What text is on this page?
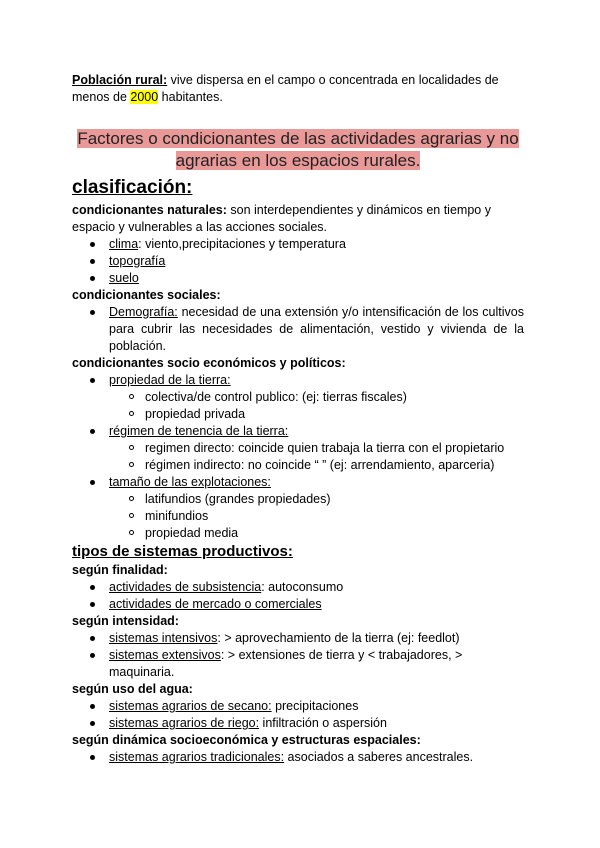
Población rural: vive dispersa en el campo o concentrada en localidades de menos de 2000 habitantes.

Factores o condicionantes de las actividades agrarias y no agrarias en los espacios rurales.

clasificación:

condicionantes naturales: son interdependientes y dinámicos en tiempo y espacio y vulnerables a las acciones sociales.

clima: viento,precipitaciones y temperatura
topografía
suelo

condicionantes sociales:

Demografía: necesidad de una extensión y/o intensificación de los cultivos para cubrir las necesidades de alimentación, vestido y vivienda de la población.

condicionantes socio económicos y políticos:

propiedad de la tierra:
colectiva/de control publico: (ej: tierras fiscales)
propiedad privada
régimen de tenencia de la tierra:
regimen directo: coincide quien trabaja la tierra con el propietario
régimen indirecto: no coincide “ ” (ej: arrendamiento, aparceria)
tamaño de las explotaciones:
latifundios (grandes propiedades)
minifundios
propiedad media
tipos de sistemas productivos:

según finalidad:

actividades de subsistencia: autoconsumo
actividades de mercado o comerciales

según intensidad:

sistemas intensivos: > aprovechamiento de la tierra (ej: feedlot)
sistemas extensivos: > extensiones de tierra y < trabajadores, > maquinaria.

según uso del agua:

sistemas agrarios de secano: precipitaciones
sistemas agrarios de riego: infiltración o aspersión

según dinámica socioeconómica y estructuras espaciales:

sistemas agrarios tradicionales: asociados a saberes ancestrales.
